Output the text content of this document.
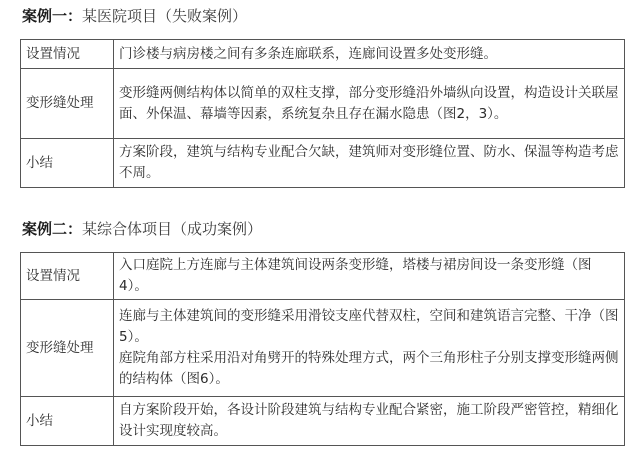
案例一：某医院项目（失败案例）
设置情况	门诊楼与病房楼之间有多条连廊联系，连廊间设置多处变形缝。
变形缝处理	变形缝两侧结构体以简单的双柱支撑，部分变形缝沿外墙纵向设置，构造设计关联屋面、外保温、幕墙等因素，系统复杂且存在漏水隐患（图2，3）。
小结	方案阶段，建筑与结构专业配合欠缺，建筑师对变形缝位置、防水、保温等构造考虑不周。
案例二：某综合体项目（成功案例）
设置情况	入口庭院上方连廊与主体建筑间设两条变形缝，塔楼与裙房间设一条变形缝（图4）。
变形缝处理	连廊与主体建筑间的变形缝采用滑铰支座代替双柱，空间和建筑语言完整、干净（图5）。
庭院角部方柱采用沿对角劈开的特殊处理方式，两个三角形柱子分别支撑变形缝两侧的结构体（图6）。

小结	自方案阶段开始，各设计阶段建筑与结构专业配合紧密，施工阶段严密管控，精细化设计实现度较高。
